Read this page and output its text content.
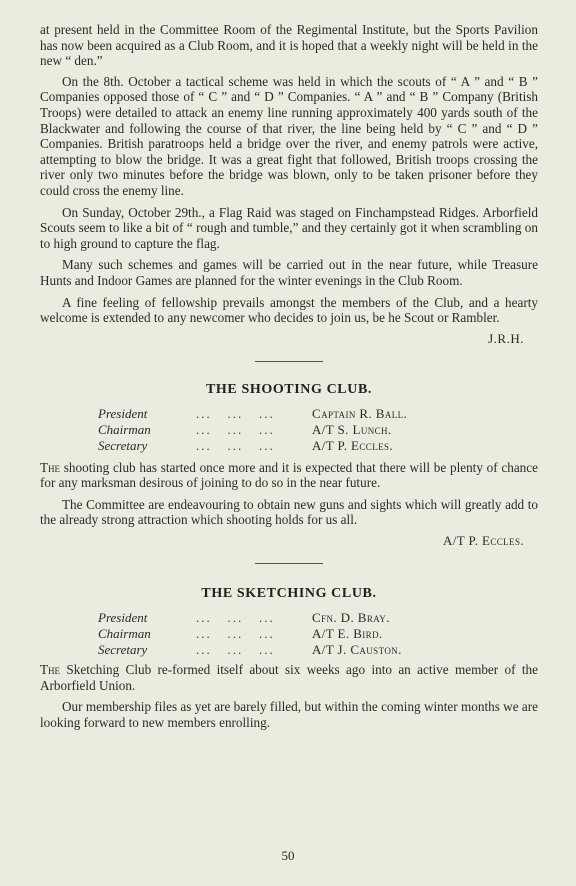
at present held in the Committee Room of the Regimental Institute, but the Sports Pavilion has now been acquired as a Club Room, and it is hoped that a weekly night will be held in the new “ den.”

On the 8th. October a tactical scheme was held in which the scouts of “ A ” and “ B ” Companies opposed those of “ C ” and “ D ” Companies. “ A ” and “ B ” Company (British Troops) were detailed to attack an enemy line running approximately 400 yards south of the Blackwater and following the course of that river, the line being held by “ C ” and “ D ” Companies. British paratroops held a bridge over the river, and enemy patrols were active, attempting to blow the bridge. It was a great fight that followed, British troops crossing the river only two minutes before the bridge was blown, only to be taken prisoner before they could cross the enemy line.

On Sunday, October 29th., a Flag Raid was staged on Finchampstead Ridges. Arborfield Scouts seem to like a bit of “ rough and tumble,” and they certainly got it when scrambling on to high ground to capture the flag.

Many such schemes and games will be carried out in the near future, while Treasure Hunts and Indoor Games are planned for the winter evenings in the Club Room.

A fine feeling of fellowship prevails amongst the members of the Club, and a hearty welcome is extended to any newcomer who decides to join us, be he Scout or Rambler.

J.R.H.
THE SHOOTING CLUB.
President	...   ...   ...	Captain R. Ball.
Chairman	...   ...   ...	A/T S. Lunch.
Secretary	...   ...   ...	A/T P. Eccles.

The shooting club has started once more and it is expected that there will be plenty of chance for any marksman desirous of joining to do so in the near future.

The Committee are endeavouring to obtain new guns and sights which will greatly add to the already strong attraction which shooting holds for us all.

A/T P. Eccles.
THE SKETCHING CLUB.
President	...   ...   ...	Cfn. D. Bray.
Chairman	...   ...   ...	A/T E. Bird.
Secretary	...   ...   ...	A/T J. Causton.

The Sketching Club re-formed itself about six weeks ago into an active member of the Arborfield Union.

Our membership files as yet are barely filled, but within the coming winter months we are looking forward to new members enrolling.

50
